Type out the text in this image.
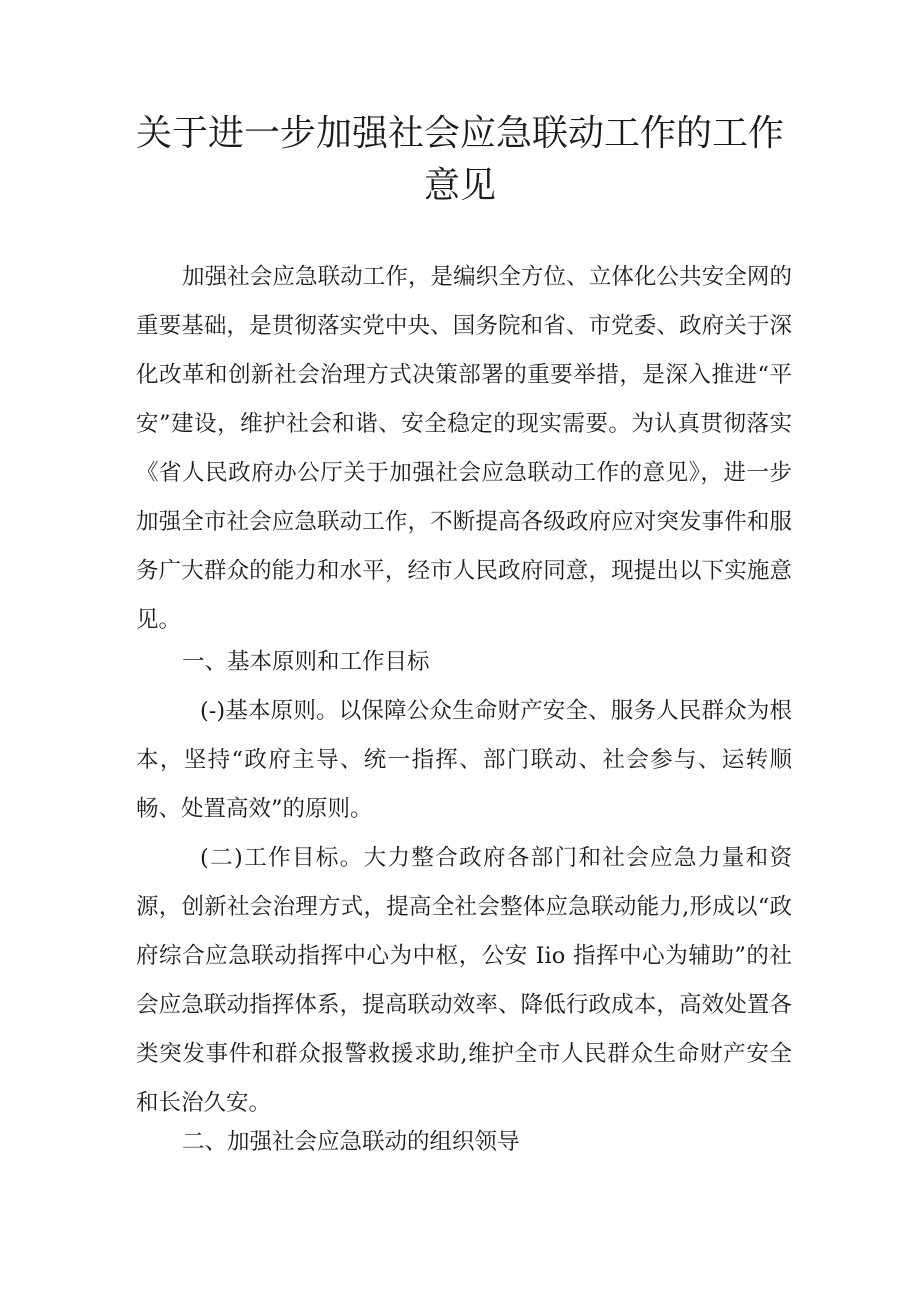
关于进一步加强社会应急联动工作的工作意见

加强社会应急联动工作，是编织全方位、立体化公共安全网的重要基础，是贯彻落实党中央、国务院和省、市党委、政府关于深化改革和创新社会治理方式决策部署的重要举措，是深入推进“平安”建设，维护社会和谐、安全稳定的现实需要。为认真贯彻落实《省人民政府办公厅关于加强社会应急联动工作的意见》，进一步加强全市社会应急联动工作，不断提高各级政府应对突发事件和服务广大群众的能力和水平，经市人民政府同意，现提出以下实施意见。

一、基本原则和工作目标

(-)基本原则。以保障公众生命财产安全、服务人民群众为根本，坚持“政府主导、统一指挥、部门联动、社会参与、运转顺畅、处置高效”的原则。

(二)工作目标。大力整合政府各部门和社会应急力量和资源，创新社会治理方式，提高全社会整体应急联动能力,形成以“政府综合应急联动指挥中心为中枢，公安 Iio 指挥中心为辅助”的社会应急联动指挥体系，提高联动效率、降低行政成本，高效处置各类突发事件和群众报警救援求助,维护全市人民群众生命财产安全和长治久安。

二、加强社会应急联动的组织领导
